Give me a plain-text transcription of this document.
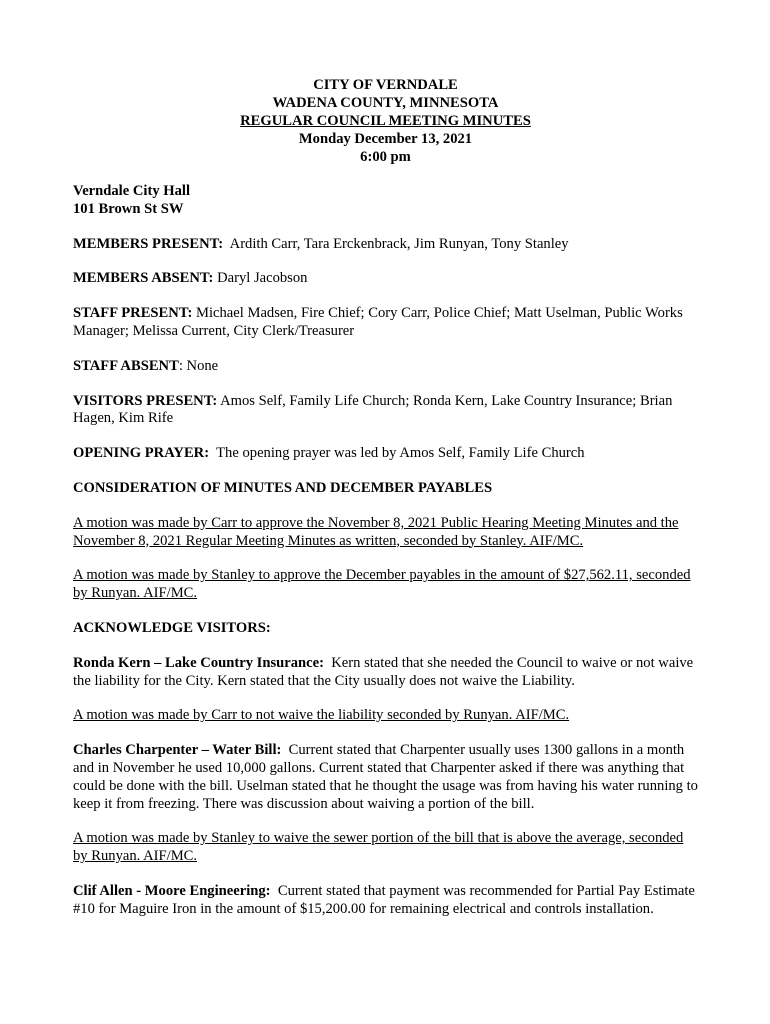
CITY OF VERNDALE
WADENA COUNTY, MINNESOTA
REGULAR COUNCIL MEETING MINUTES
Monday December 13, 2021
6:00 pm
Verndale City Hall
101 Brown St SW

MEMBERS PRESENT: Ardith Carr, Tara Erckenbrack, Jim Runyan, Tony Stanley

MEMBERS ABSENT: Daryl Jacobson

STAFF PRESENT: Michael Madsen, Fire Chief; Cory Carr, Police Chief; Matt Uselman, Public Works Manager; Melissa Current, City Clerk/Treasurer

STAFF ABSENT: None

VISITORS PRESENT: Amos Self, Family Life Church; Ronda Kern, Lake Country Insurance; Brian Hagen, Kim Rife

OPENING PRAYER: The opening prayer was led by Amos Self, Family Life Church

CONSIDERATION OF MINUTES AND DECEMBER PAYABLES

A motion was made by Carr to approve the November 8, 2021 Public Hearing Meeting Minutes and the November 8, 2021 Regular Meeting Minutes as written, seconded by Stanley. AIF/MC.

A motion was made by Stanley to approve the December payables in the amount of $27,562.11, seconded by Runyan. AIF/MC.

ACKNOWLEDGE VISITORS:

Ronda Kern – Lake Country Insurance: Kern stated that she needed the Council to waive or not waive the liability for the City. Kern stated that the City usually does not waive the Liability.

A motion was made by Carr to not waive the liability seconded by Runyan. AIF/MC.

Charles Charpenter – Water Bill: Current stated that Charpenter usually uses 1300 gallons in a month and in November he used 10,000 gallons. Current stated that Charpenter asked if there was anything that could be done with the bill. Uselman stated that he thought the usage was from having his water running to keep it from freezing. There was discussion about waiving a portion of the bill.

A motion was made by Stanley to waive the sewer portion of the bill that is above the average, seconded by Runyan. AIF/MC.

Clif Allen - Moore Engineering: Current stated that payment was recommended for Partial Pay Estimate #10 for Maguire Iron in the amount of $15,200.00 for remaining electrical and controls installation.
